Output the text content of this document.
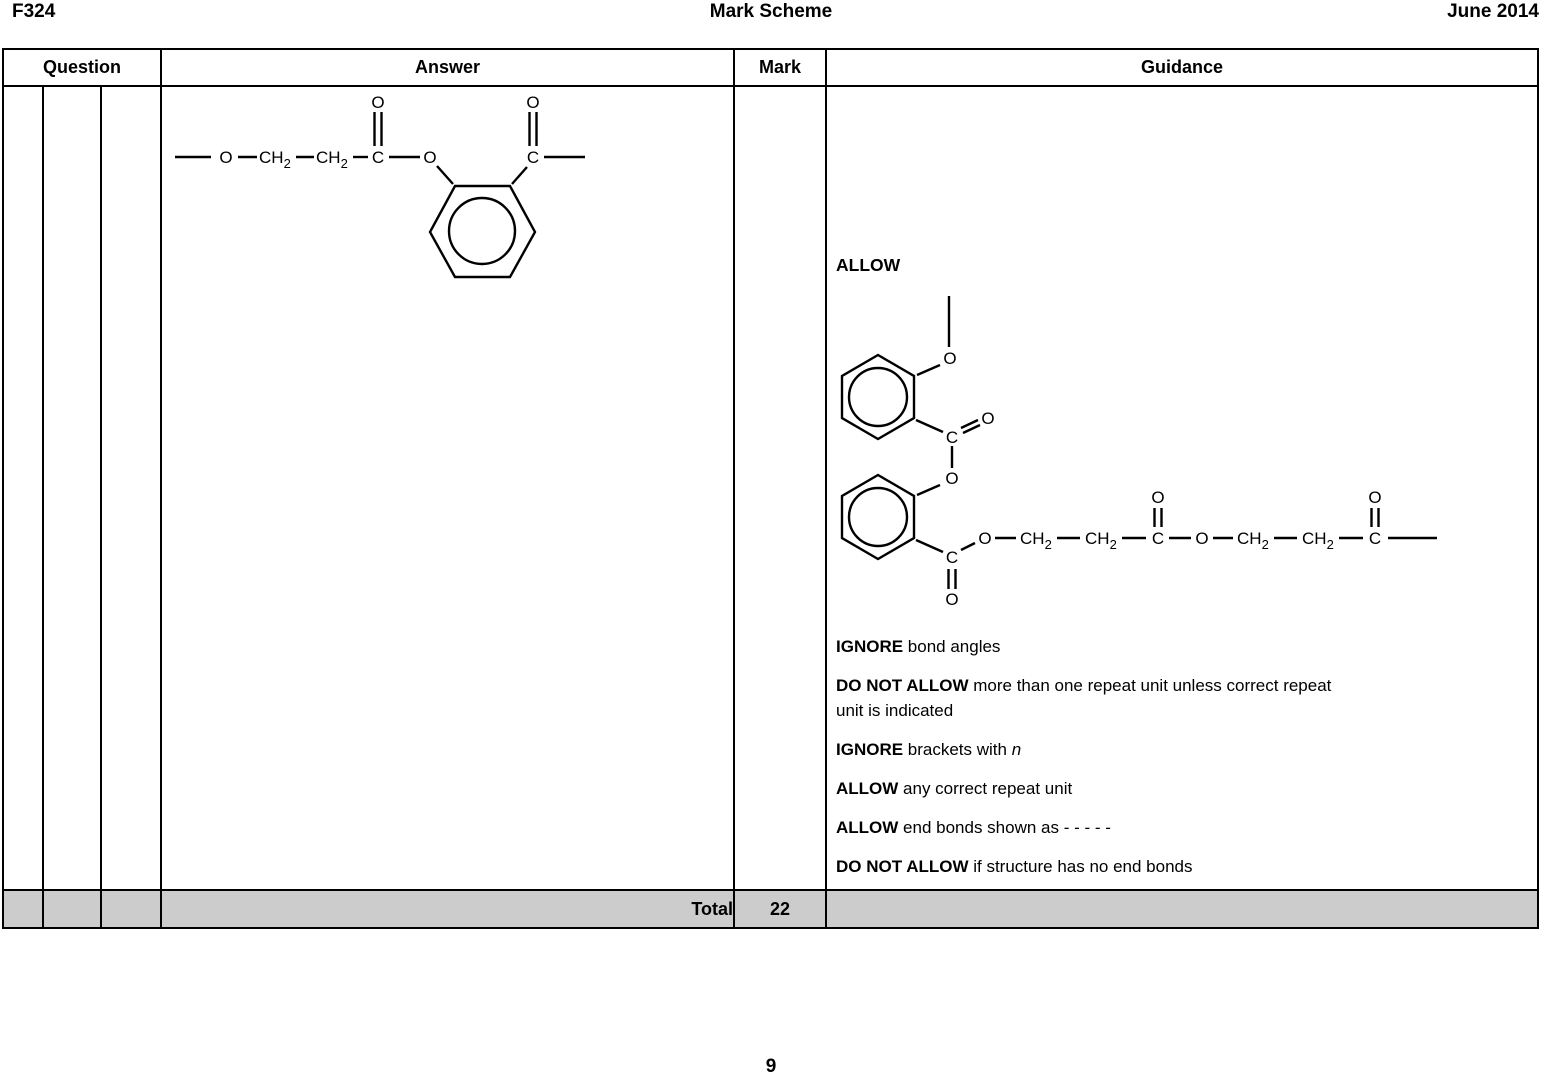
F324	Mark Scheme	June 2014
Question			Answer	Mark	Guidance

O $CH_2$ $CH_2$ C
O
O	C
O

ALLOW
O
C
O
O
C
O
O $CH_2$ $CH_2$ C
O
O $CH_2$ $CH_2$ C
O

IGNORE bond angles

DO NOT ALLOW more than one repeat unit unless correct repeat
unit is indicated

IGNORE brackets with n

ALLOW any correct repeat unit

ALLOW end bonds shown as - - - - -

DO NOT ALLOW if structure has no end bonds

			Total	22	
9
